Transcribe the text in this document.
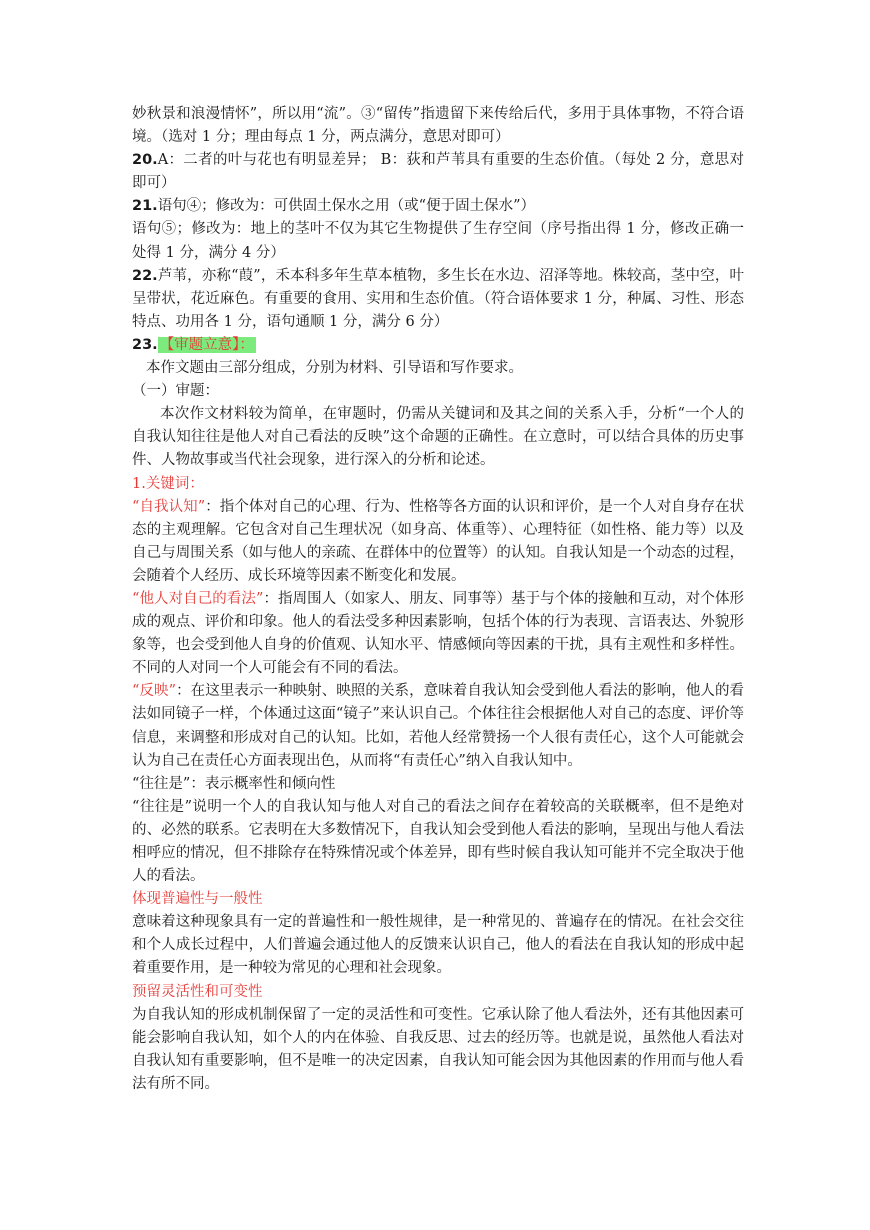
妙秋景和浪漫情怀”，所以用“流”。③“留传”指遗留下来传给后代，多用于具体事物，不符合语境。（选对 1 分；理由每点 1 分，两点满分，意思对即可）

20.A：二者的叶与花也有明显差异； B：荻和芦苇具有重要的生态价值。（每处 2 分，意思对即可）

21.语句④；修改为：可供固土保水之用（或“便于固土保水”）

语句⑤；修改为：地上的茎叶不仅为其它生物提供了生存空间（序号指出得 1 分，修改正确一处得 1 分，满分 4 分）

22.芦苇，亦称“葭”，禾本科多年生草本植物，多生长在水边、沼泽等地。株较高，茎中空，叶呈带状，花近麻色。有重要的食用、实用和生态价值。（符合语体要求 1 分，种属、习性、形态特点、功用各 1 分，语句通顺 1 分，满分 6 分）

23. 【审题立意】：

本作文题由三部分组成，分别为材料、引导语和写作要求。

（一）审题：

本次作文材料较为简单，在审题时，仍需从关键词和及其之间的关系入手，分析“一个人的自我认知往往是他人对自己看法的反映”这个命题的正确性。在立意时，可以结合具体的历史事件、人物故事或当代社会现象，进行深入的分析和论述。

1.关键词：

“自我认知”：指个体对自己的心理、行为、性格等各方面的认识和评价，是一个人对自身存在状态的主观理解。它包含对自己生理状况（如身高、体重等）、心理特征（如性格、能力等）以及自己与周围关系（如与他人的亲疏、在群体中的位置等）的认知。自我认知是一个动态的过程，会随着个人经历、成长环境等因素不断变化和发展。

“他人对自己的看法”：指周围人（如家人、朋友、同事等）基于与个体的接触和互动，对个体形成的观点、评价和印象。他人的看法受多种因素影响，包括个体的行为表现、言语表达、外貌形象等，也会受到他人自身的价值观、认知水平、情感倾向等因素的干扰，具有主观性和多样性。不同的人对同一个人可能会有不同的看法。

“反映”：在这里表示一种映射、映照的关系，意味着自我认知会受到他人看法的影响，他人的看法如同镜子一样，个体通过这面“镜子”来认识自己。个体往往会根据他人对自己的态度、评价等信息，来调整和形成对自己的认知。比如，若他人经常赞扬一个人很有责任心，这个人可能就会认为自己在责任心方面表现出色，从而将“有责任心”纳入自我认知中。

“往往是”：表示概率性和倾向性

“往往是”说明一个人的自我认知与他人对自己的看法之间存在着较高的关联概率，但不是绝对的、必然的联系。它表明在大多数情况下，自我认知会受到他人看法的影响，呈现出与他人看法相呼应的情况，但不排除存在特殊情况或个体差异，即有些时候自我认知可能并不完全取决于他人的看法。

体现普遍性与一般性

意味着这种现象具有一定的普遍性和一般性规律，是一种常见的、普遍存在的情况。在社会交往和个人成长过程中，人们普遍会通过他人的反馈来认识自己，他人的看法在自我认知的形成中起着重要作用，是一种较为常见的心理和社会现象。

预留灵活性和可变性

为自我认知的形成机制保留了一定的灵活性和可变性。它承认除了他人看法外，还有其他因素可能会影响自我认知，如个人的内在体验、自我反思、过去的经历等。也就是说，虽然他人看法对自我认知有重要影响，但不是唯一的决定因素，自我认知可能会因为其他因素的作用而与他人看法有所不同。
